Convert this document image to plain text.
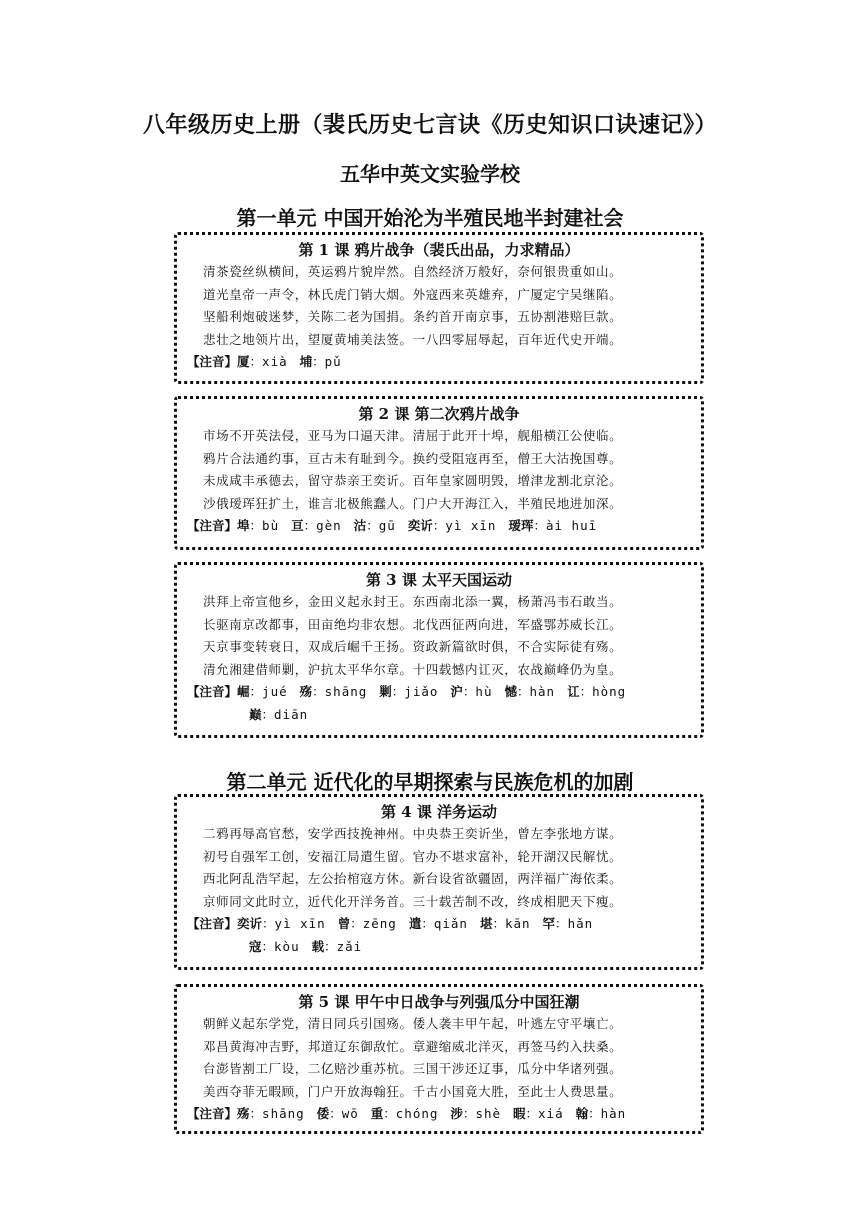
八年级历史上册（裴氏历史七言诀《历史知识口诀速记》）
五华中英文实验学校
第一单元 中国开始沦为半殖民地半封建社会
第 1 课 鸦片战争（裴氏出品，力求精品）
清茶瓷丝纵横间，英运鸦片貌岸然。自然经济万般好，奈何银贵重如山。
道光皇帝一声令，林氏虎门销大烟。外寇西来英雄弃，广厦定宁吴继陷。
坚船利炮破迷梦，关陈二老为国捐。条约首开南京事，五协割港赔巨款。
悲壮之地领片出，望厦黄埔美法签。一八四零屈辱起，百年近代史开端。
【注音】厦：xià 埔：pǔ
第 2 课 第二次鸦片战争
市场不开英法侵，亚马为口逼天津。清屈于此开十埠，舰船横江公使临。
鸦片合法通约事，亘古未有耻到今。换约受阻寇再至，僧王大沽挽国尊。
未成咸丰承德去，留守恭亲王奕䜣。百年皇家圆明毁，增津龙割北京沦。
沙俄瑷珲狂扩土，谁言北极熊蠢人。门户大开海江入，半殖民地进加深。
【注音】埠：bù 亘：gèn 沽：gū 奕䜣：yì xīn 瑷珲：ài huī
第 3 课 太平天国运动
洪拜上帝宣他乡，金田义起永封王。东西南北添一翼，杨萧冯韦石敢当。
长驱南京改都事，田亩绝均非农想。北伐西征两向进，军盛鄂苏威长江。
天京事变转衰日，双成后崛千王扬。资政新篇欲时俱，不合实际徒有殇。
清允湘建借师剿，沪抗太平华尔章。十四载憾内讧灭，农战巅峰仍为皇。
【注音】崛：jué 殇：shāng 剿：jiǎo 沪：hù 憾：hàn 讧：hòng
巅：diān
第二单元 近代化的早期探索与民族危机的加剧
第 4 课 洋务运动
二鸦再辱高官愁，安学西技挽神州。中央恭王奕䜣坐，曾左李张地方谋。
初号自强军工创，安福江局遣生留。官办不堪求富补，轮开湖汉民解忧。
西北阿乱浩罕起，左公抬棺寇方休。新台设省欲疆固，两洋福广海依柔。
京师同文此时立，近代化开洋务首。三十载苦制不改，终成相肥天下瘦。
【注音】奕䜣：yì xīn 曾：zēng 遣：qiǎn 堪：kān 罕：hǎn
寇：kòu 载：zǎi
第 5 课 甲午中日战争与列强瓜分中国狂潮
朝鲜义起东学党，清日同兵引国殇。倭人袭丰甲午起，叶逃左守平壤亡。
邓昌黄海冲吉野，邦道辽东御敌忙。章避缩威北洋灭，再签马约入扶桑。
台澎皆割工厂设，二亿赔沙重苏杭。三国干涉还辽事，瓜分中华诸列强。
美西夺菲无暇顾，门户开放海翰狂。千古小国竟大胜，至此士人费思量。
【注音】殇：shāng 倭：wō 重：chóng 涉：shè 暇：xiá 翰：hàn
